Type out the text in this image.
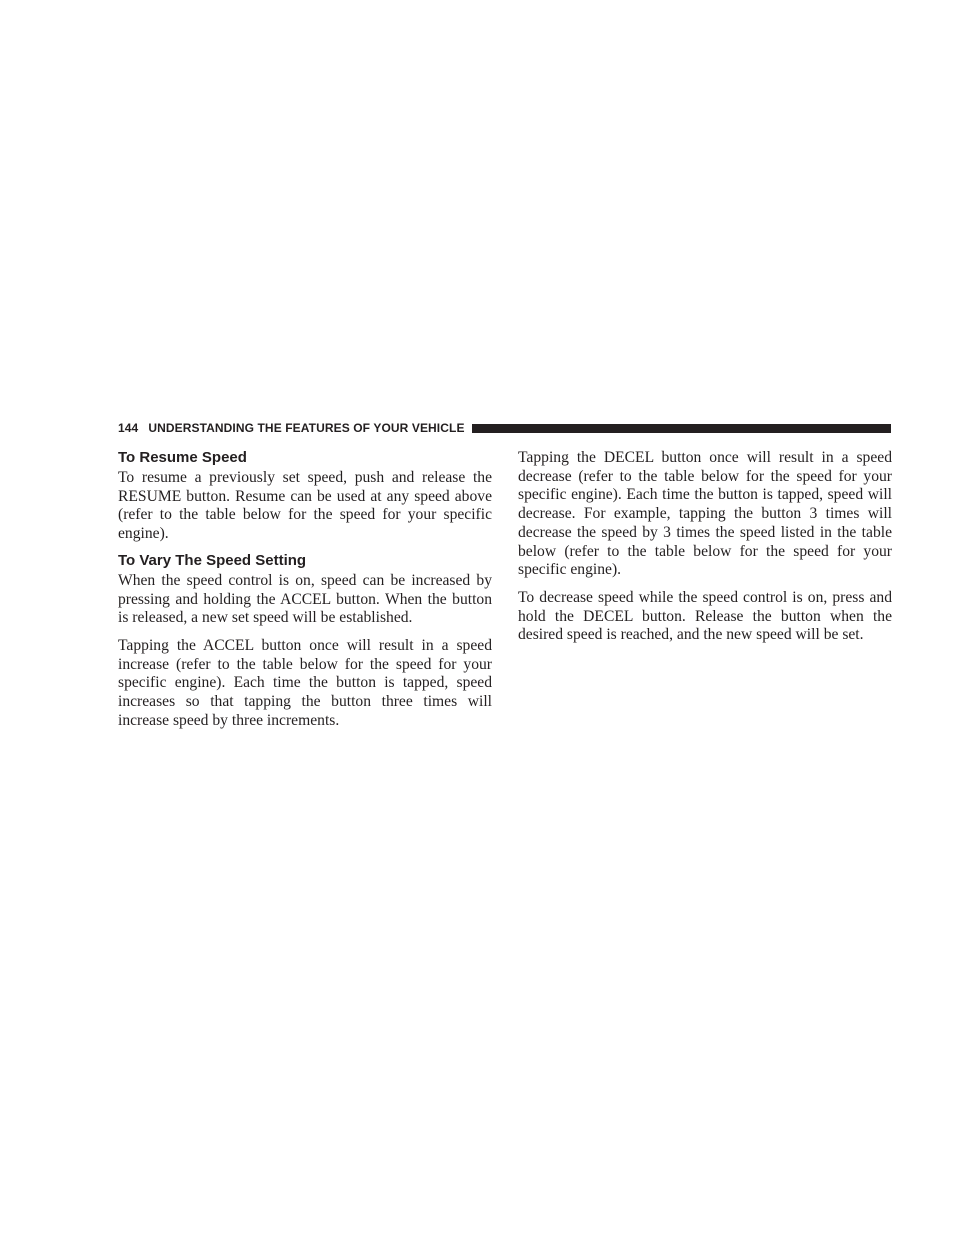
144 UNDERSTANDING THE FEATURES OF YOUR VEHICLE
To Resume Speed

To resume a previously set speed, push and release the RESUME button. Resume can be used at any speed above (refer to the table below for the speed for your specific engine).

To Vary The Speed Setting

When the speed control is on, speed can be increased by pressing and holding the ACCEL button. When the button is released, a new set speed will be established.

Tapping the ACCEL button once will result in a speed increase (refer to the table below for the speed for your specific engine). Each time the button is tapped, speed increases so that tapping the button three times will increase speed by three increments.

Tapping the DECEL button once will result in a speed decrease (refer to the table below for the speed for your specific engine). Each time the button is tapped, speed will decrease. For example, tapping the button 3 times will decrease the speed by 3 times the speed listed in the table below (refer to the table below for the speed for your specific engine).

To decrease speed while the speed control is on, press and hold the DECEL button. Release the button when the desired speed is reached, and the new speed will be set.
